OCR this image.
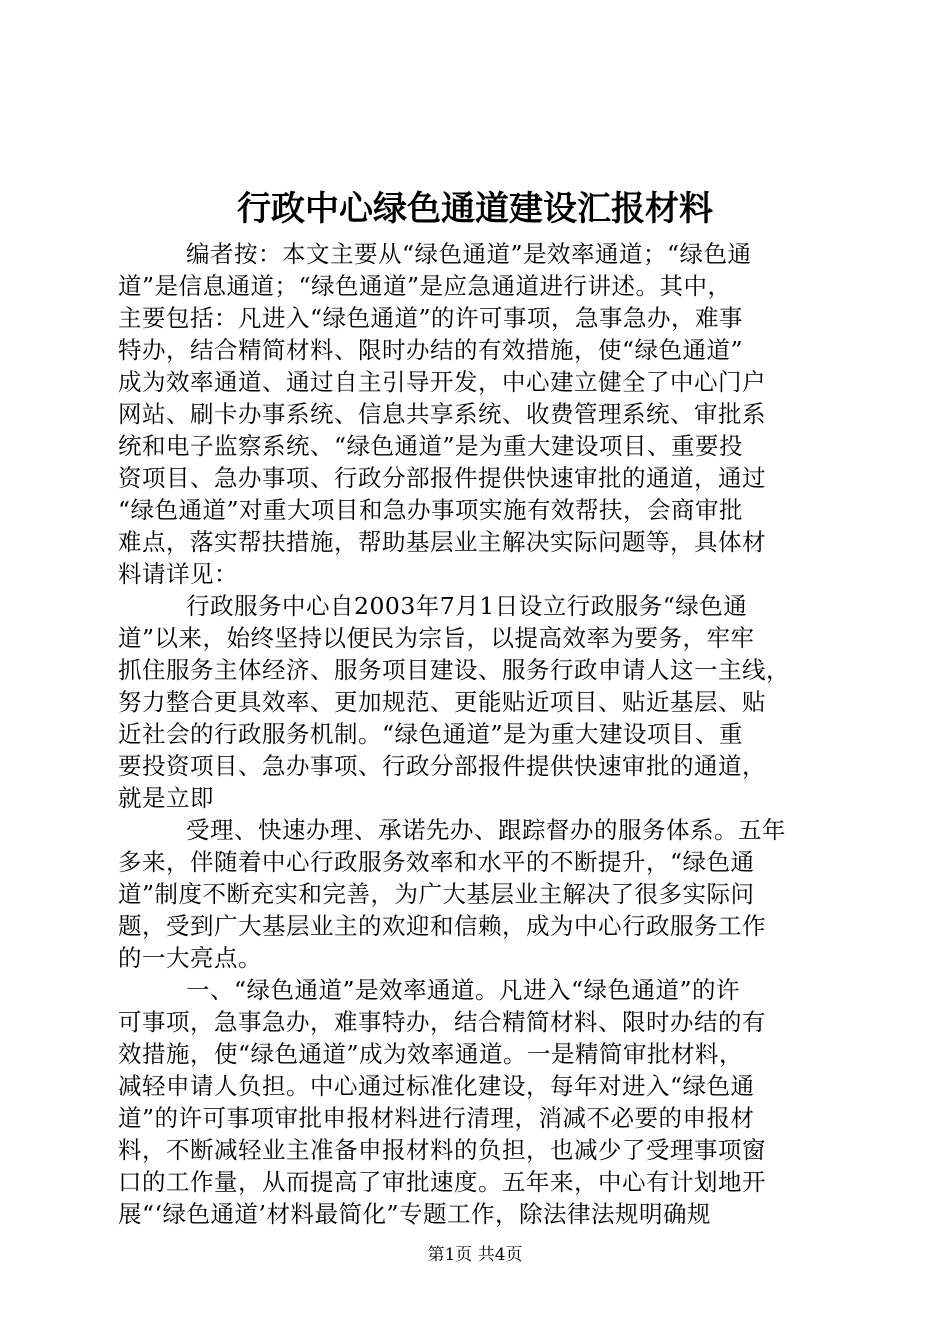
行政中心绿色通道建设汇报材料
编者按：本文主要从“绿色通道”是效率通道；“绿色通
道”是信息通道；“绿色通道”是应急通道进行讲述。其中，
主要包括：凡进入“绿色通道”的许可事项，急事急办，难事
特办，结合精简材料、限时办结的有效措施，使“绿色通道”
成为效率通道、通过自主引导开发，中心建立健全了中心门户
网站、刷卡办事系统、信息共享系统、收费管理系统、审批系
统和电子监察系统、“绿色通道”是为重大建设项目、重要投
资项目、急办事项、行政分部报件提供快速审批的通道，通过
“绿色通道”对重大项目和急办事项实施有效帮扶，会商审批
难点，落实帮扶措施，帮助基层业主解决实际问题等，具体材
料请详见：
行政服务中心自2003年7月1日设立行政服务“绿色通
道”以来，始终坚持以便民为宗旨，以提高效率为要务，牢牢
抓住服务主体经济、服务项目建设、服务行政申请人这一主线，
努力整合更具效率、更加规范、更能贴近项目、贴近基层、贴
近社会的行政服务机制。“绿色通道”是为重大建设项目、重
要投资项目、急办事项、行政分部报件提供快速审批的通道，
就是立即
受理、快速办理、承诺先办、跟踪督办的服务体系。五年
多来，伴随着中心行政服务效率和水平的不断提升，“绿色通
道”制度不断充实和完善，为广大基层业主解决了很多实际问
题，受到广大基层业主的欢迎和信赖，成为中心行政服务工作
的一大亮点。
一、“绿色通道”是效率通道。凡进入“绿色通道”的许
可事项，急事急办，难事特办，结合精简材料、限时办结的有
效措施，使“绿色通道”成为效率通道。一是精简审批材料，
减轻申请人负担。中心通过标准化建设，每年对进入“绿色通
道”的许可事项审批申报材料进行清理，消减不必要的申报材
料，不断减轻业主准备申报材料的负担，也减少了受理事项窗
口的工作量，从而提高了审批速度。五年来，中心有计划地开
展“‘绿色通道’材料最简化”专题工作，除法律法规明确规

第1页 共4页
